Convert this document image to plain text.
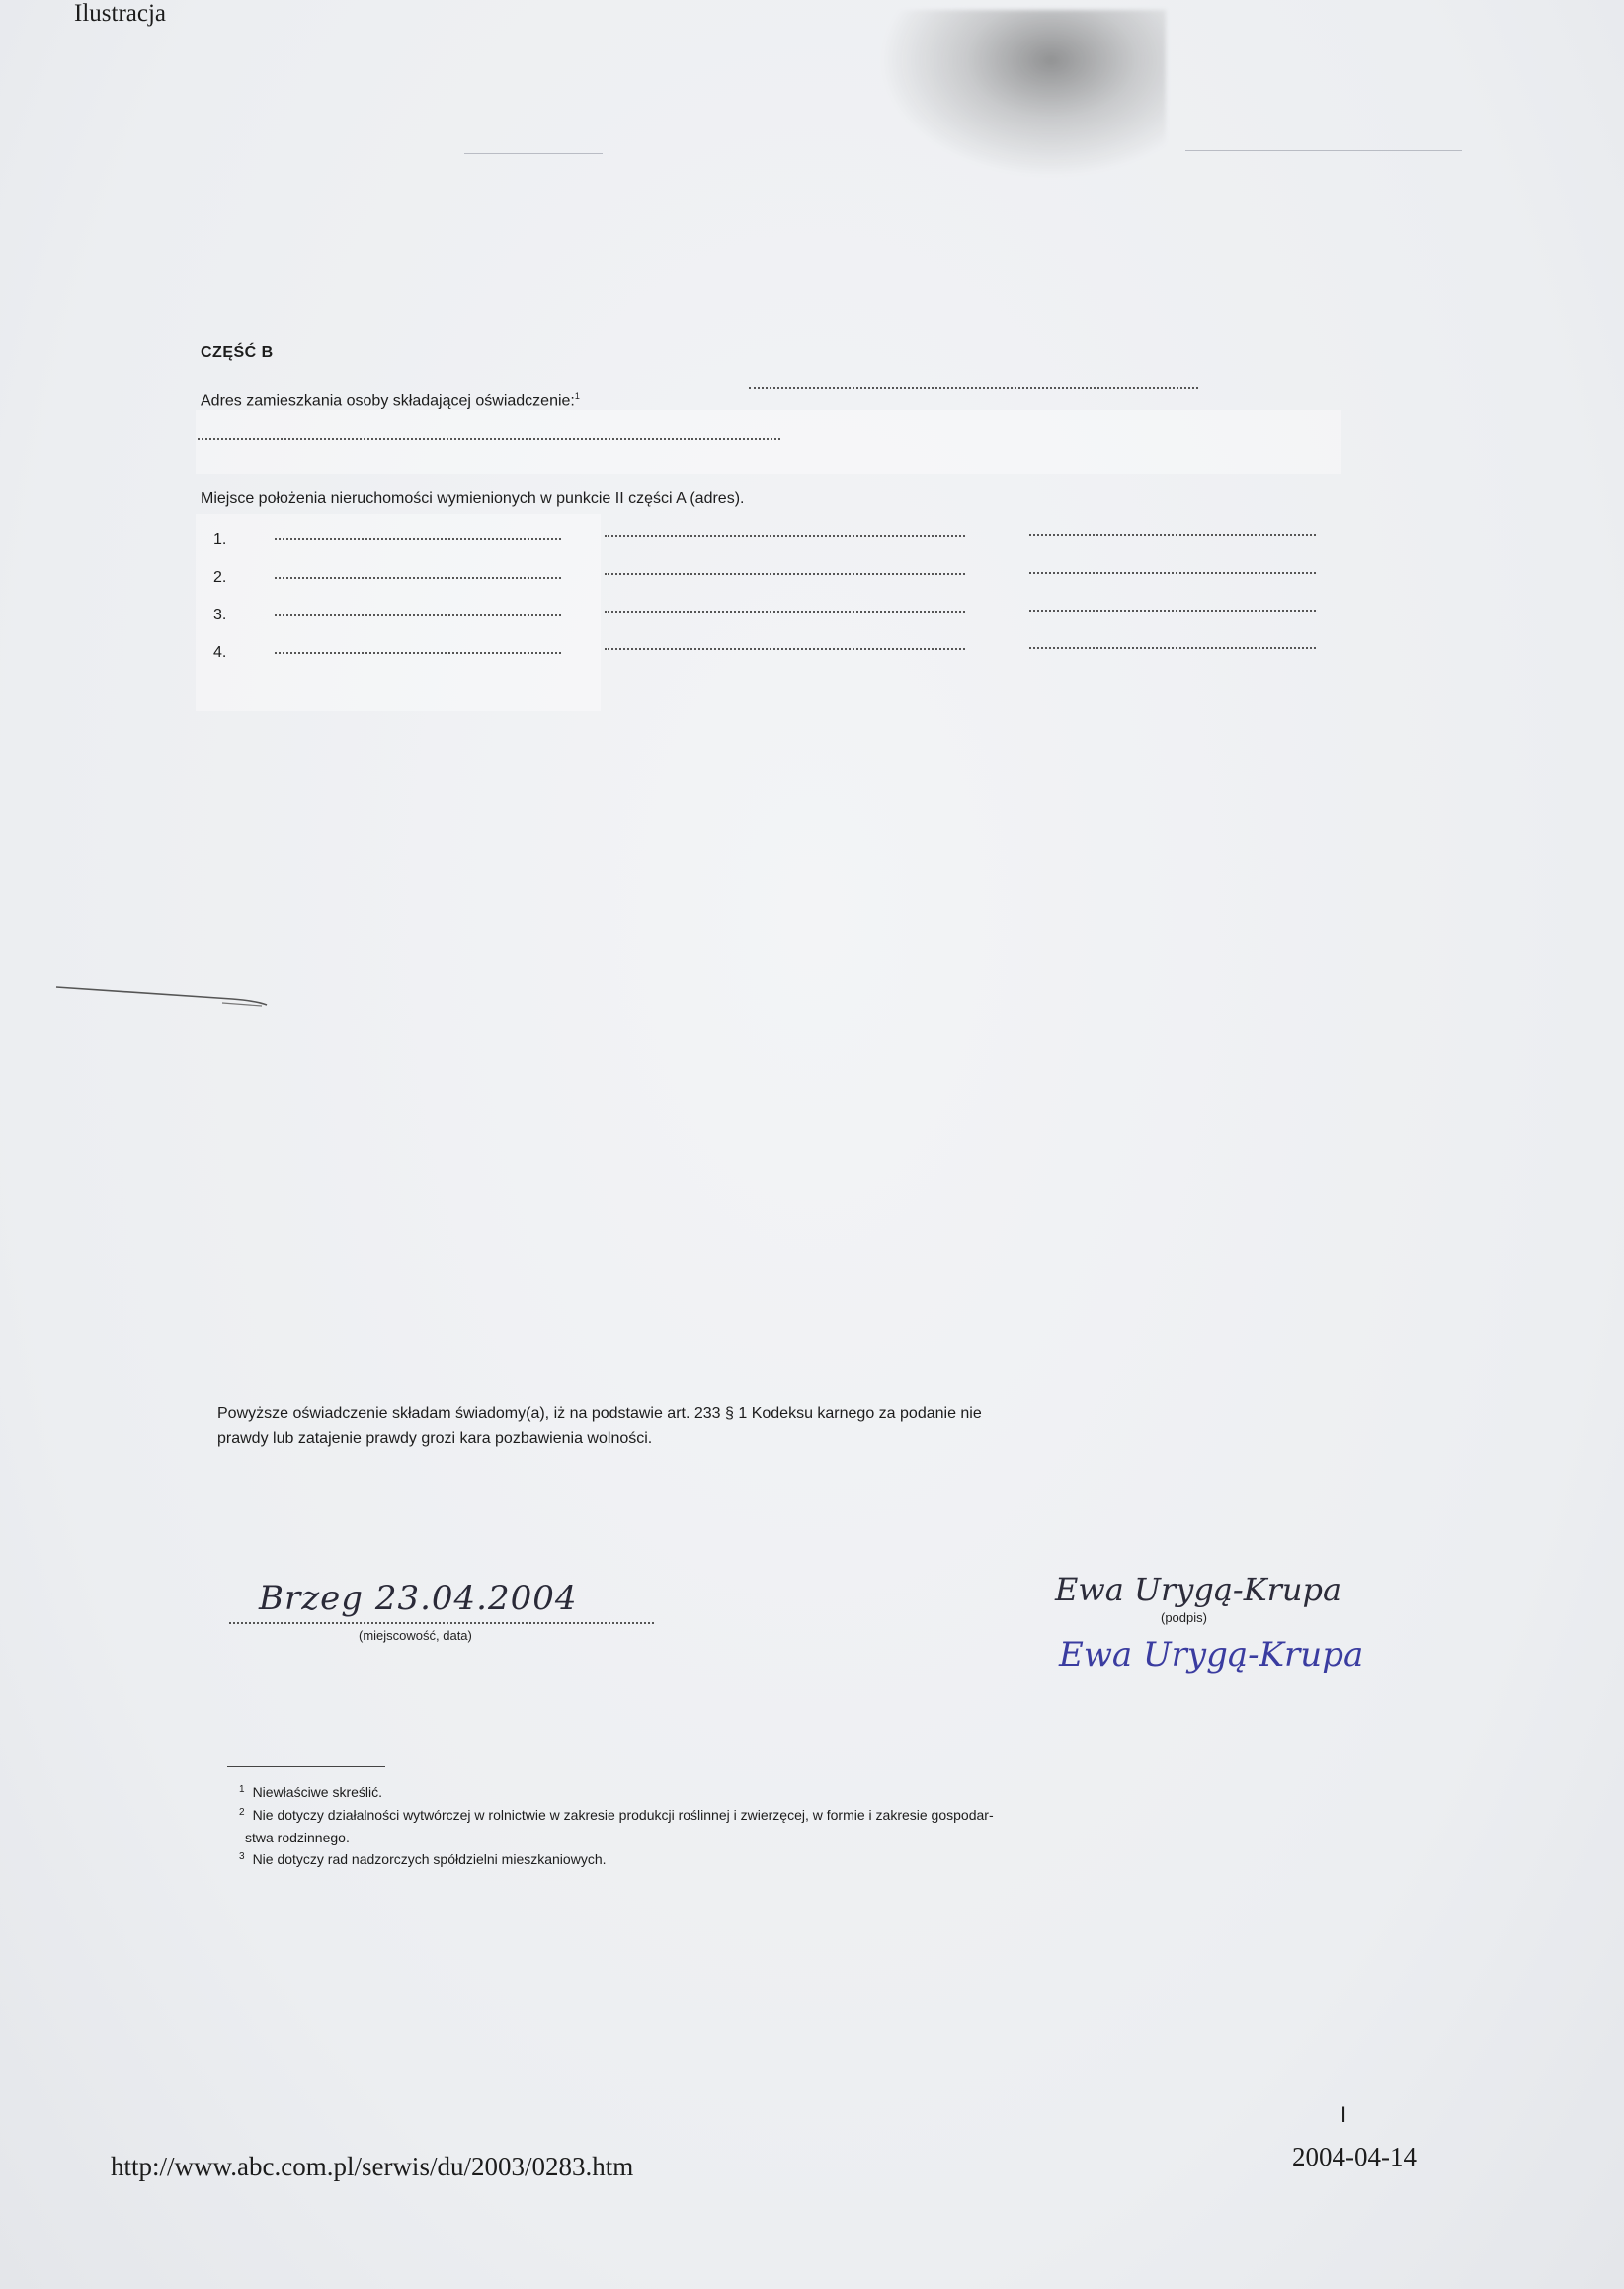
Ilustracja
CZĘŚĆ B
Adres zamieszkania osoby składającej oświadczenie:$^1$
Miejsce położenia nieruchomości wymienionych w punkcie II części A (adres).
1.
2.
3.
4.
Powyższe oświadczenie składam świadomy(a), iż na podstawie art. 233 § 1 Kodeksu karnego za podanie nie
prawdy lub zatajenie prawdy grozi kara pozbawienia wolności.
Brzeg 23.04.2004
(miejscowość, data)
Ewa Urygą-Krupa
(podpis)
Ewa Urygą-Krupa
$^1$ Niewłaściwe skreślić.
$^2$ Nie dotyczy działalności wytwórczej w rolnictwie w zakresie produkcji roślinnej i zwierzęcej, w formie i zakresie gospodar-
stwa rodzinnego.
$^3$ Nie dotyczy rad nadzorczych spółdzielni mieszkaniowych.
I
http://www.abc.com.pl/serwis/du/2003/0283.htm	2004-04-14
